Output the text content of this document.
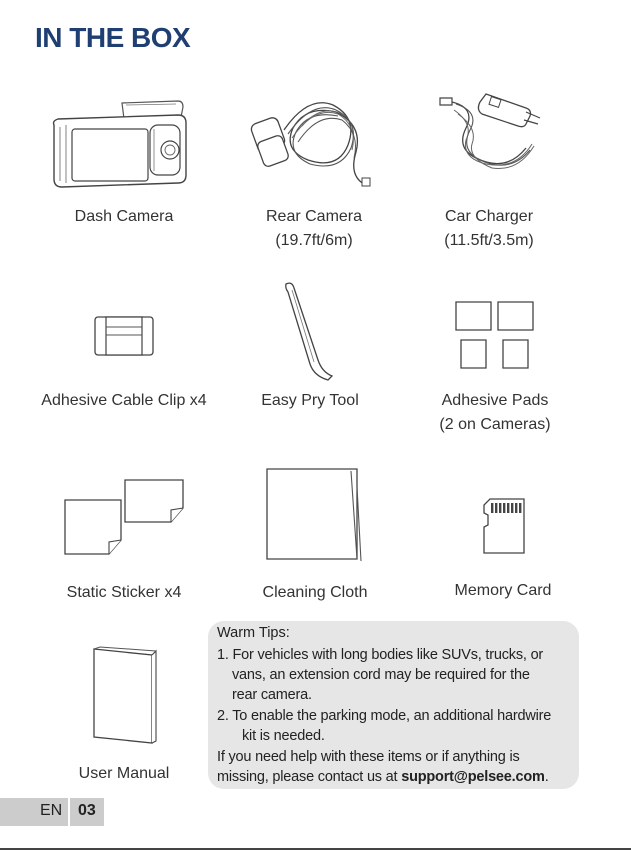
IN THE BOX
Dash Camera	Rear Camera
(19.7ft/6m)
Car Charger
(11.5ft/3.5m)
Adhesive Cable Clip x4	Easy Pry Tool	Adhesive Pads
(2 on Cameras)
Static Sticker x4	Cleaning Cloth	Memory Card
User Manual
Warm Tips:
1. For vehicles with long bodies like SUVs, trucks, or
vans, an extension cord may be required for the
rear camera.
2. To enable the parking mode, an additional hardwire
kit is needed.
If you need help with these items or if anything is
missing, please contact us at support@pelsee.com.
EN 03
